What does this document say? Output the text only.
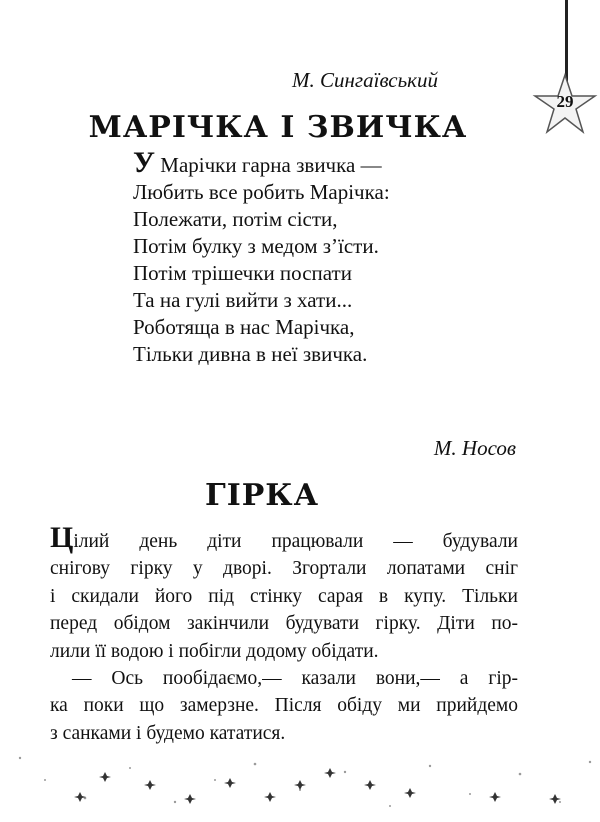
29
М. Сингаївський
МАРІЧКА І ЗВИЧКА
У Марічки гарна звичка —
Любить все робить Марічка:
Полежати, потім сісти,
Потім булку з медом з’їсти.
Потім трішечки поспати
Та на гулі вийти з хати...
Роботяща в нас Марічка,
Тільки дивна в неї звичка.
М. Носов
ГІРКА
Цілий день діти працювали — будували
снігову гірку у дворі. Згортали лопатами сніг
і скидали його під стінку сарая в купу. Тільки
перед обідом закінчили будувати гірку. Діти по-
лили її водою і побігли додому обідати.
— Ось пообідаємо,— казали вони,— а гір-
ка поки що замерзне. Після обіду ми прийдемо
з санками і будемо кататися.
